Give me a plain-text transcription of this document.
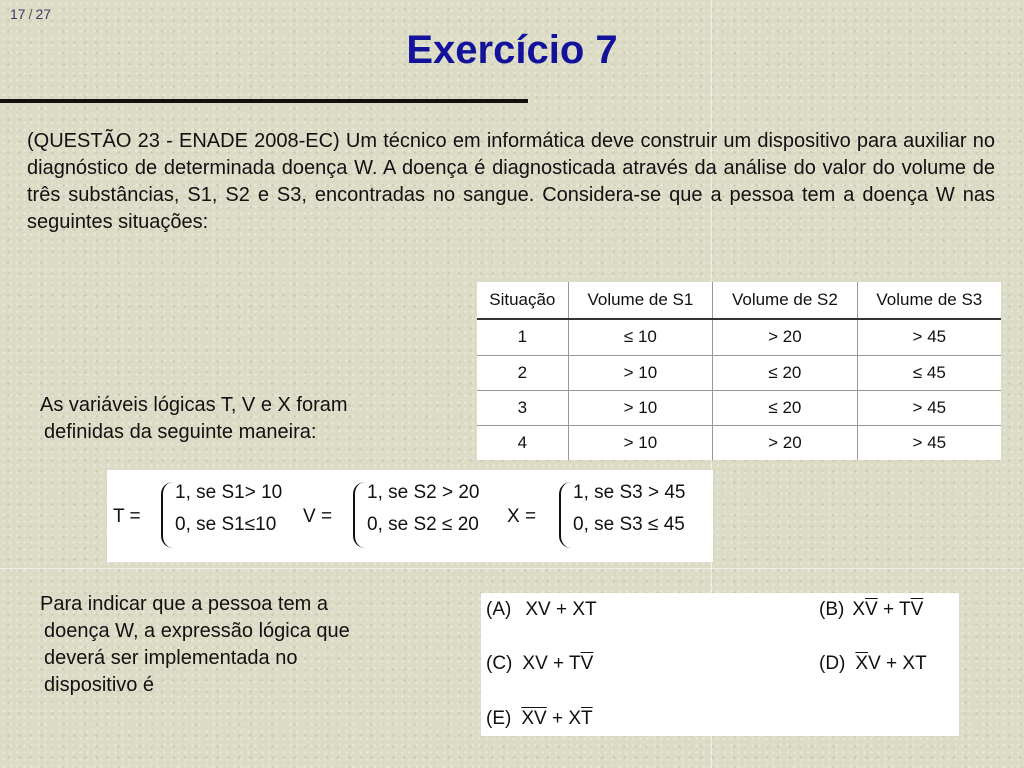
17 / 27
Exercício 7
(QUESTÃO 23 - ENADE 2008-EC) Um técnico em informática deve construir um dispositivo para auxiliar no diagnóstico de determinada doença W. A doença é diagnosticada através da análise do valor do volume de três substâncias, S1, S2 e S3, encontradas no sangue. Considera-se que a pessoa tem a doença W nas seguintes situações:
Situação	Volume de S1	Volume de S2	Volume de S3
1	≤ 10	> 20	> 45
2	> 10	≤ 20	≤ 45
3	> 10	≤ 20	> 45
4	> 10	> 20	> 45
As variáveis lógicas T, V e X foram
definidas da seguinte maneira:
T =
1, se S1> 10
0, se S1≤10 V =
1, se S2 > 20
0, se S2 ≤ 20 X =
1, se S3 > 45
0, se S3 ≤ 45
Para indicar que a pessoa tem a
doença W, a expressão lógica que
deverá ser implementada no
dispositivo é
(A) XV + XT	(B) $X\overline{V} + T\overline{V}$
(C) XV + $T\overline{V}$	(D) $\overline{X}V$ + XT
(E) $\overline{X}\overline{V} + X\overline{T}$
